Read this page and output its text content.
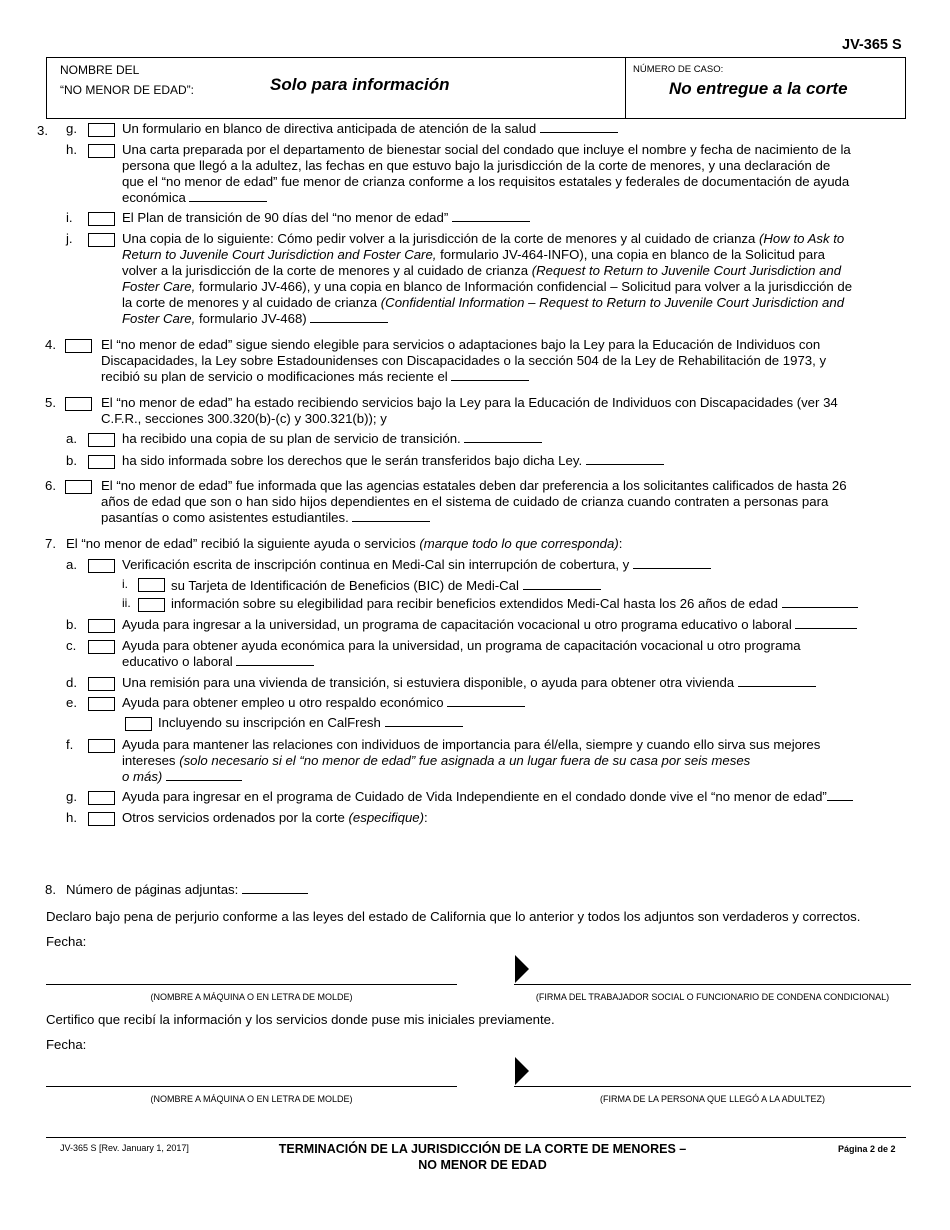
JV-365 S
NOMBRE DEL
“NO MENOR DE EDAD”:	Solo para información
NÚMERO DE CASO:
No entregue a la corte
3. g.	Un formulario en blanco de directiva anticipada de atención de la salud
h.	Una carta preparada por el departamento de bienestar social del condado que incluye el nombre y fecha de nacimiento de la
persona que llegó a la adultez, las fechas en que estuvo bajo la jurisdicción de la corte de menores, y una declaración de
que el “no menor de edad” fue menor de crianza conforme a los requisitos estatales y federales de documentación de ayuda
económica
i.	El Plan de transición de 90 días del “no menor de edad”
j.	Una copia de lo siguiente: Cómo pedir volver a la jurisdicción de la corte de menores y al cuidado de crianza (How to Ask to
Return to Juvenile Court Jurisdiction and Foster Care, formulario JV-464-INFO), una copia en blanco de la Solicitud para
volver a la jurisdicción de la corte de menores y al cuidado de crianza (Request to Return to Juvenile Court Jurisdiction and
Foster Care, formulario JV-466), y una copia en blanco de Información confidencial – Solicitud para volver a la jurisdicción de
la corte de menores y al cuidado de crianza (Confidential Information – Request to Return to Juvenile Court Jurisdiction and
Foster Care, formulario JV-468)
4.	El “no menor de edad” sigue siendo elegible para servicios o adaptaciones bajo la Ley para la Educación de Individuos con
Discapacidades, la Ley sobre Estadounidenses con Discapacidades o la sección 504 de la Ley de Rehabilitación de 1973, y
recibió su plan de servicio o modificaciones más reciente el
5.	El “no menor de edad” ha estado recibiendo servicios bajo la Ley para la Educación de Individuos con Discapacidades (ver 34
C.F.R., secciones 300.320(b)-(c) y 300.321(b)); y
a.	ha recibido una copia de su plan de servicio de transición.
b.	ha sido informada sobre los derechos que le serán transferidos bajo dicha Ley.
6.	El “no menor de edad” fue informada que las agencias estatales deben dar preferencia a los solicitantes calificados de hasta 26
años de edad que son o han sido hijos dependientes en el sistema de cuidado de crianza cuando contraten a personas para
pasantías o como asistentes estudiantiles.
7. El “no menor de edad” recibió la siguiente ayuda o servicios (marque todo lo que corresponda):
a.	Verificación escrita de inscripción continua en Medi-Cal sin interrupción de cobertura, y
i.	su Tarjeta de Identificación de Beneficios (BIC) de Medi-Cal
ii.	información sobre su elegibilidad para recibir beneficios extendidos Medi-Cal hasta los 26 años de edad
b.	Ayuda para ingresar a la universidad, un programa de capacitación vocacional u otro programa educativo o laboral
c.	Ayuda para obtener ayuda económica para la universidad, un programa de capacitación vocacional u otro programa
educativo o laboral
d.	Una remisión para una vivienda de transición, si estuviera disponible, o ayuda para obtener otra vivienda
e.	Ayuda para obtener empleo u otro respaldo económico
Incluyendo su inscripción en CalFresh
f.	Ayuda para mantener las relaciones con individuos de importancia para él/ella, siempre y cuando ello sirva sus mejores
intereses (solo necesario si el “no menor de edad” fue asignada a un lugar fuera de su casa por seis meses
o más)
g.	Ayuda para ingresar en el programa de Cuidado de Vida Independiente en el condado donde vive el “no menor de edad”
h.	Otros servicios ordenados por la corte (especifique):
8. Número de páginas adjuntas:
Declaro bajo pena de perjurio conforme a las leyes del estado de California que lo anterior y todos los adjuntos son verdaderos y correctos.
Fecha:
(NOMBRE A MÁQUINA O EN LETRA DE MOLDE)	(FIRMA DEL TRABAJADOR SOCIAL O FUNCIONARIO DE CONDENA CONDICIONAL)
Certifico que recibí la información y los servicios donde puse mis iniciales previamente.
Fecha:
(NOMBRE A MÁQUINA O EN LETRA DE MOLDE)	(FIRMA DE LA PERSONA QUE LLEGÓ A LA ADULTEZ)
JV-365 S [Rev. January 1, 2017]	TERMINACIÓN DE LA JURISDICCIÓN DE LA CORTE DE MENORES –
NO MENOR DE EDAD
Página 2 de 2
